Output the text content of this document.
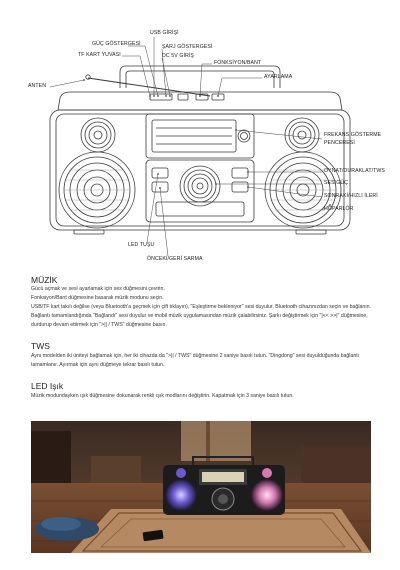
USB GİRİŞİ
GÜÇ GÖSTERGESİ	ŞARJ GÖSTERGESİ
TF KART YUVASI	DC 5V GİRİŞ
FONKSİYON/BANT
AYARLAMA
ANTEN
FREKANS GÖSTERME
PENCERESİ
OYNAT/DURAKLAT/TWS
SES/GÜÇ
SONRAKİ/HIZLI İLERİ
HOPARLÖR
LED TUŞU
ÖNCEKİ/GERİ SARMA
MÜZİK

Gücü açmak ve sesi ayarlamak için ses düğmesini çevirin.

Fonksiyon/Bant düğmesine basarak müzik modunu seçin.

USB/TF kart takılı değilse (veya Bluetooth'a geçmek için çift tıklayın), "Eşleştirme bekleniyor" sesi duyulur. Bluetooth cihazınızdan seçin ve bağlanın. Bağlantı tamamlandığında "Bağlandı" sesi duyulur ve mobil müzik uygulamasından müzik çalabilirsiniz. Şarkı değiştirmek için "|<< >>|" düğmesine, durdurup devam ettirmek için ">|| / TWS" düğmesine basın.

TWS

Aynı modelden iki üniteyi bağlamak için, her iki cihazda da ">|| / TWS" düğmesine 2 saniye basılı tutun. "Dingdong" sesi duyulduğunda bağlantı tamamlanır. Ayırmak için aynı düğmeye tekrar basılı tutun.

LED Işık

Müzik modundayken ışık düğmesine dokunarak renkli ışık modlarını değiştirin. Kapatmak için 3 saniye basılı tutun.
